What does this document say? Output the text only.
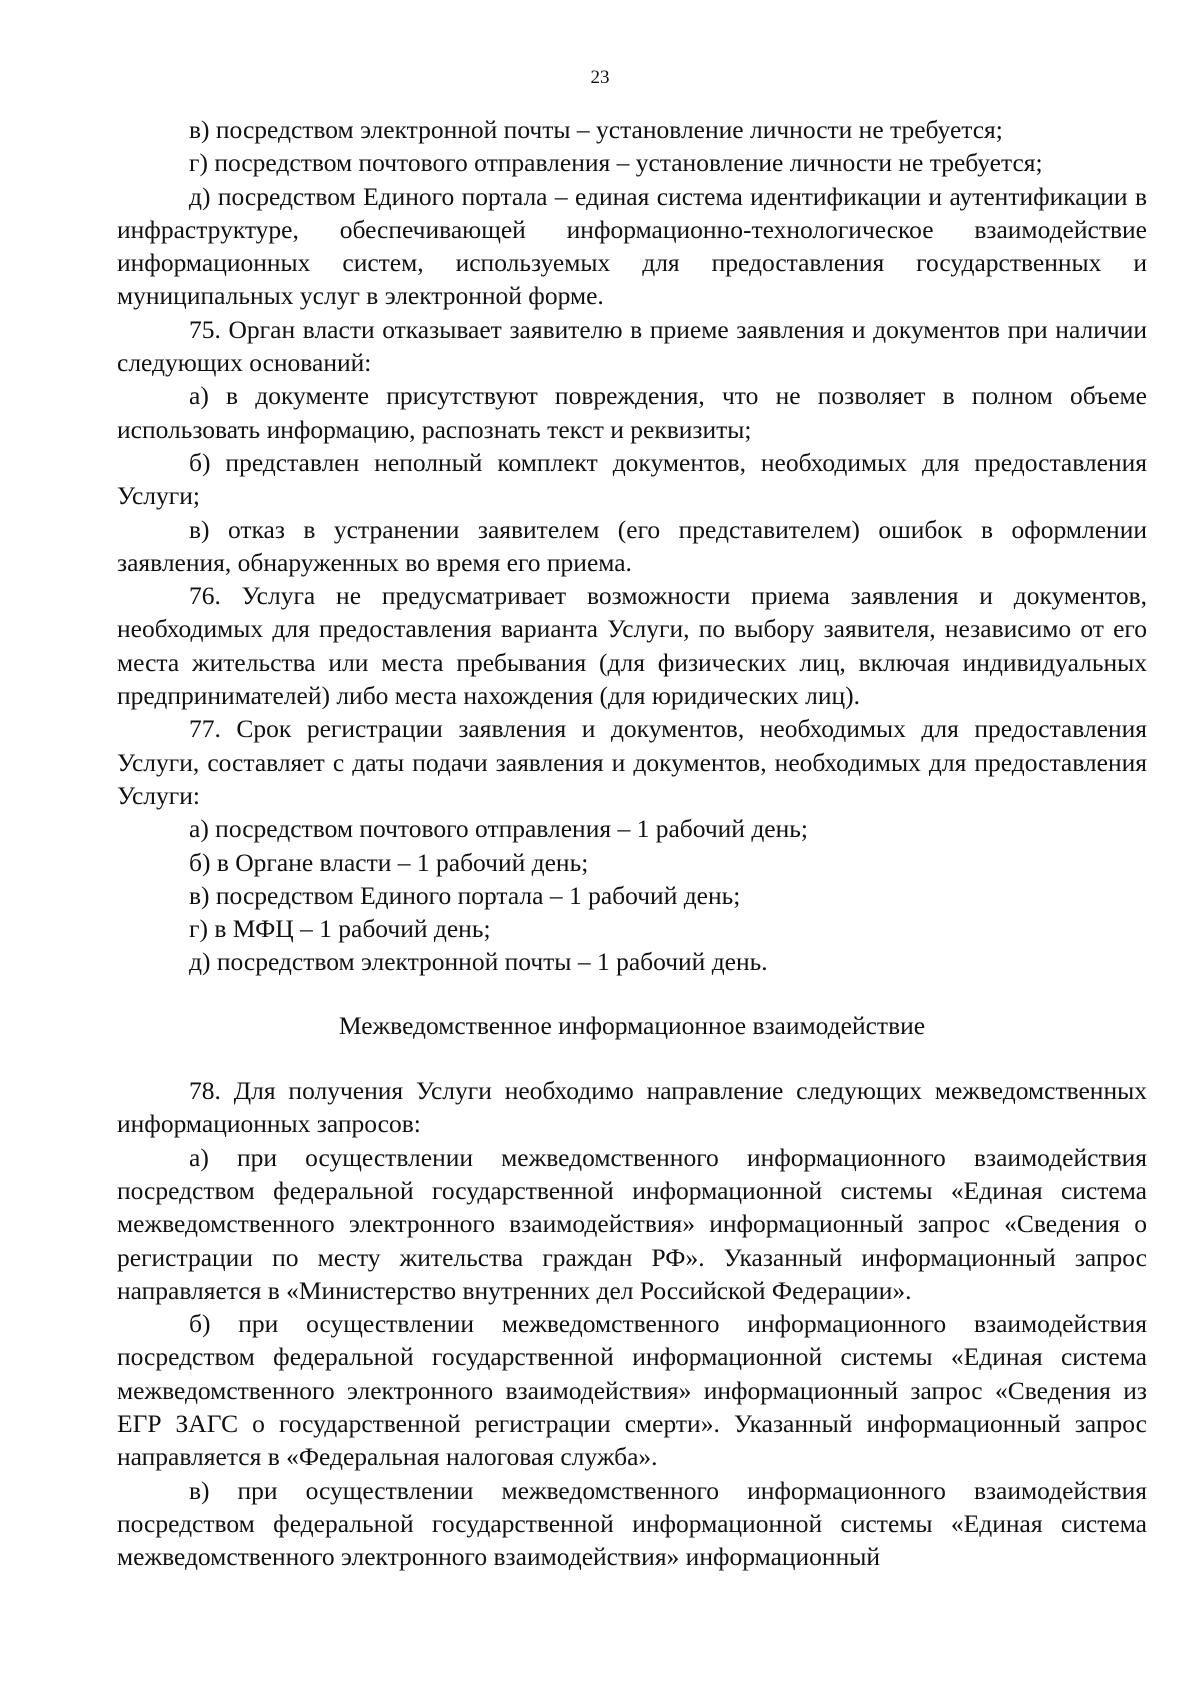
23

в) посредством электронной почты – установление личности не требуется;

г) посредством почтового отправления – установление личности не требуется;

д) посредством Единого портала – единая система идентификации и аутентификации в инфраструктуре, обеспечивающей информационно-технологическое взаимодействие информационных систем, используемых для предоставления государственных и муниципальных услуг в электронной форме.

75. Орган власти отказывает заявителю в приеме заявления и документов при наличии следующих оснований:

а) в документе присутствуют повреждения, что не позволяет в полном объеме использовать информацию, распознать текст и реквизиты;

б) представлен неполный комплект документов, необходимых для предоставления Услуги;

в) отказ в устранении заявителем (его представителем) ошибок в оформлении заявления, обнаруженных во время его приема.

76. Услуга не предусматривает возможности приема заявления и документов, необходимых для предоставления варианта Услуги, по выбору заявителя, независимо от его места жительства или места пребывания (для физических лиц, включая индивидуальных предпринимателей) либо места нахождения (для юридических лиц).

77. Срок регистрации заявления и документов, необходимых для предоставления Услуги, составляет с даты подачи заявления и документов, необходимых для предоставления Услуги:

а) посредством почтового отправления – 1 рабочий день;

б) в Органе власти – 1 рабочий день;

в) посредством Единого портала – 1 рабочий день;

г) в МФЦ – 1 рабочий день;

д) посредством электронной почты – 1 рабочий день.

Межведомственное информационное взаимодействие

78. Для получения Услуги необходимо направление следующих межведомственных информационных запросов:

а) при осуществлении межведомственного информационного взаимодействия посредством федеральной государственной информационной системы «Единая система межведомственного электронного взаимодействия» информационный запрос «Сведения о регистрации по месту жительства граждан РФ». Указанный информационный запрос направляется в «Министерство внутренних дел Российской Федерации».

б) при осуществлении межведомственного информационного взаимодействия посредством федеральной государственной информационной системы «Единая система межведомственного электронного взаимодействия» информационный запрос «Сведения из ЕГР ЗАГС о государственной регистрации смерти». Указанный информационный запрос направляется в «Федеральная налоговая служба».

в) при осуществлении межведомственного информационного взаимодействия посредством федеральной государственной информационной системы «Единая система межведомственного электронного взаимодействия» информационный
